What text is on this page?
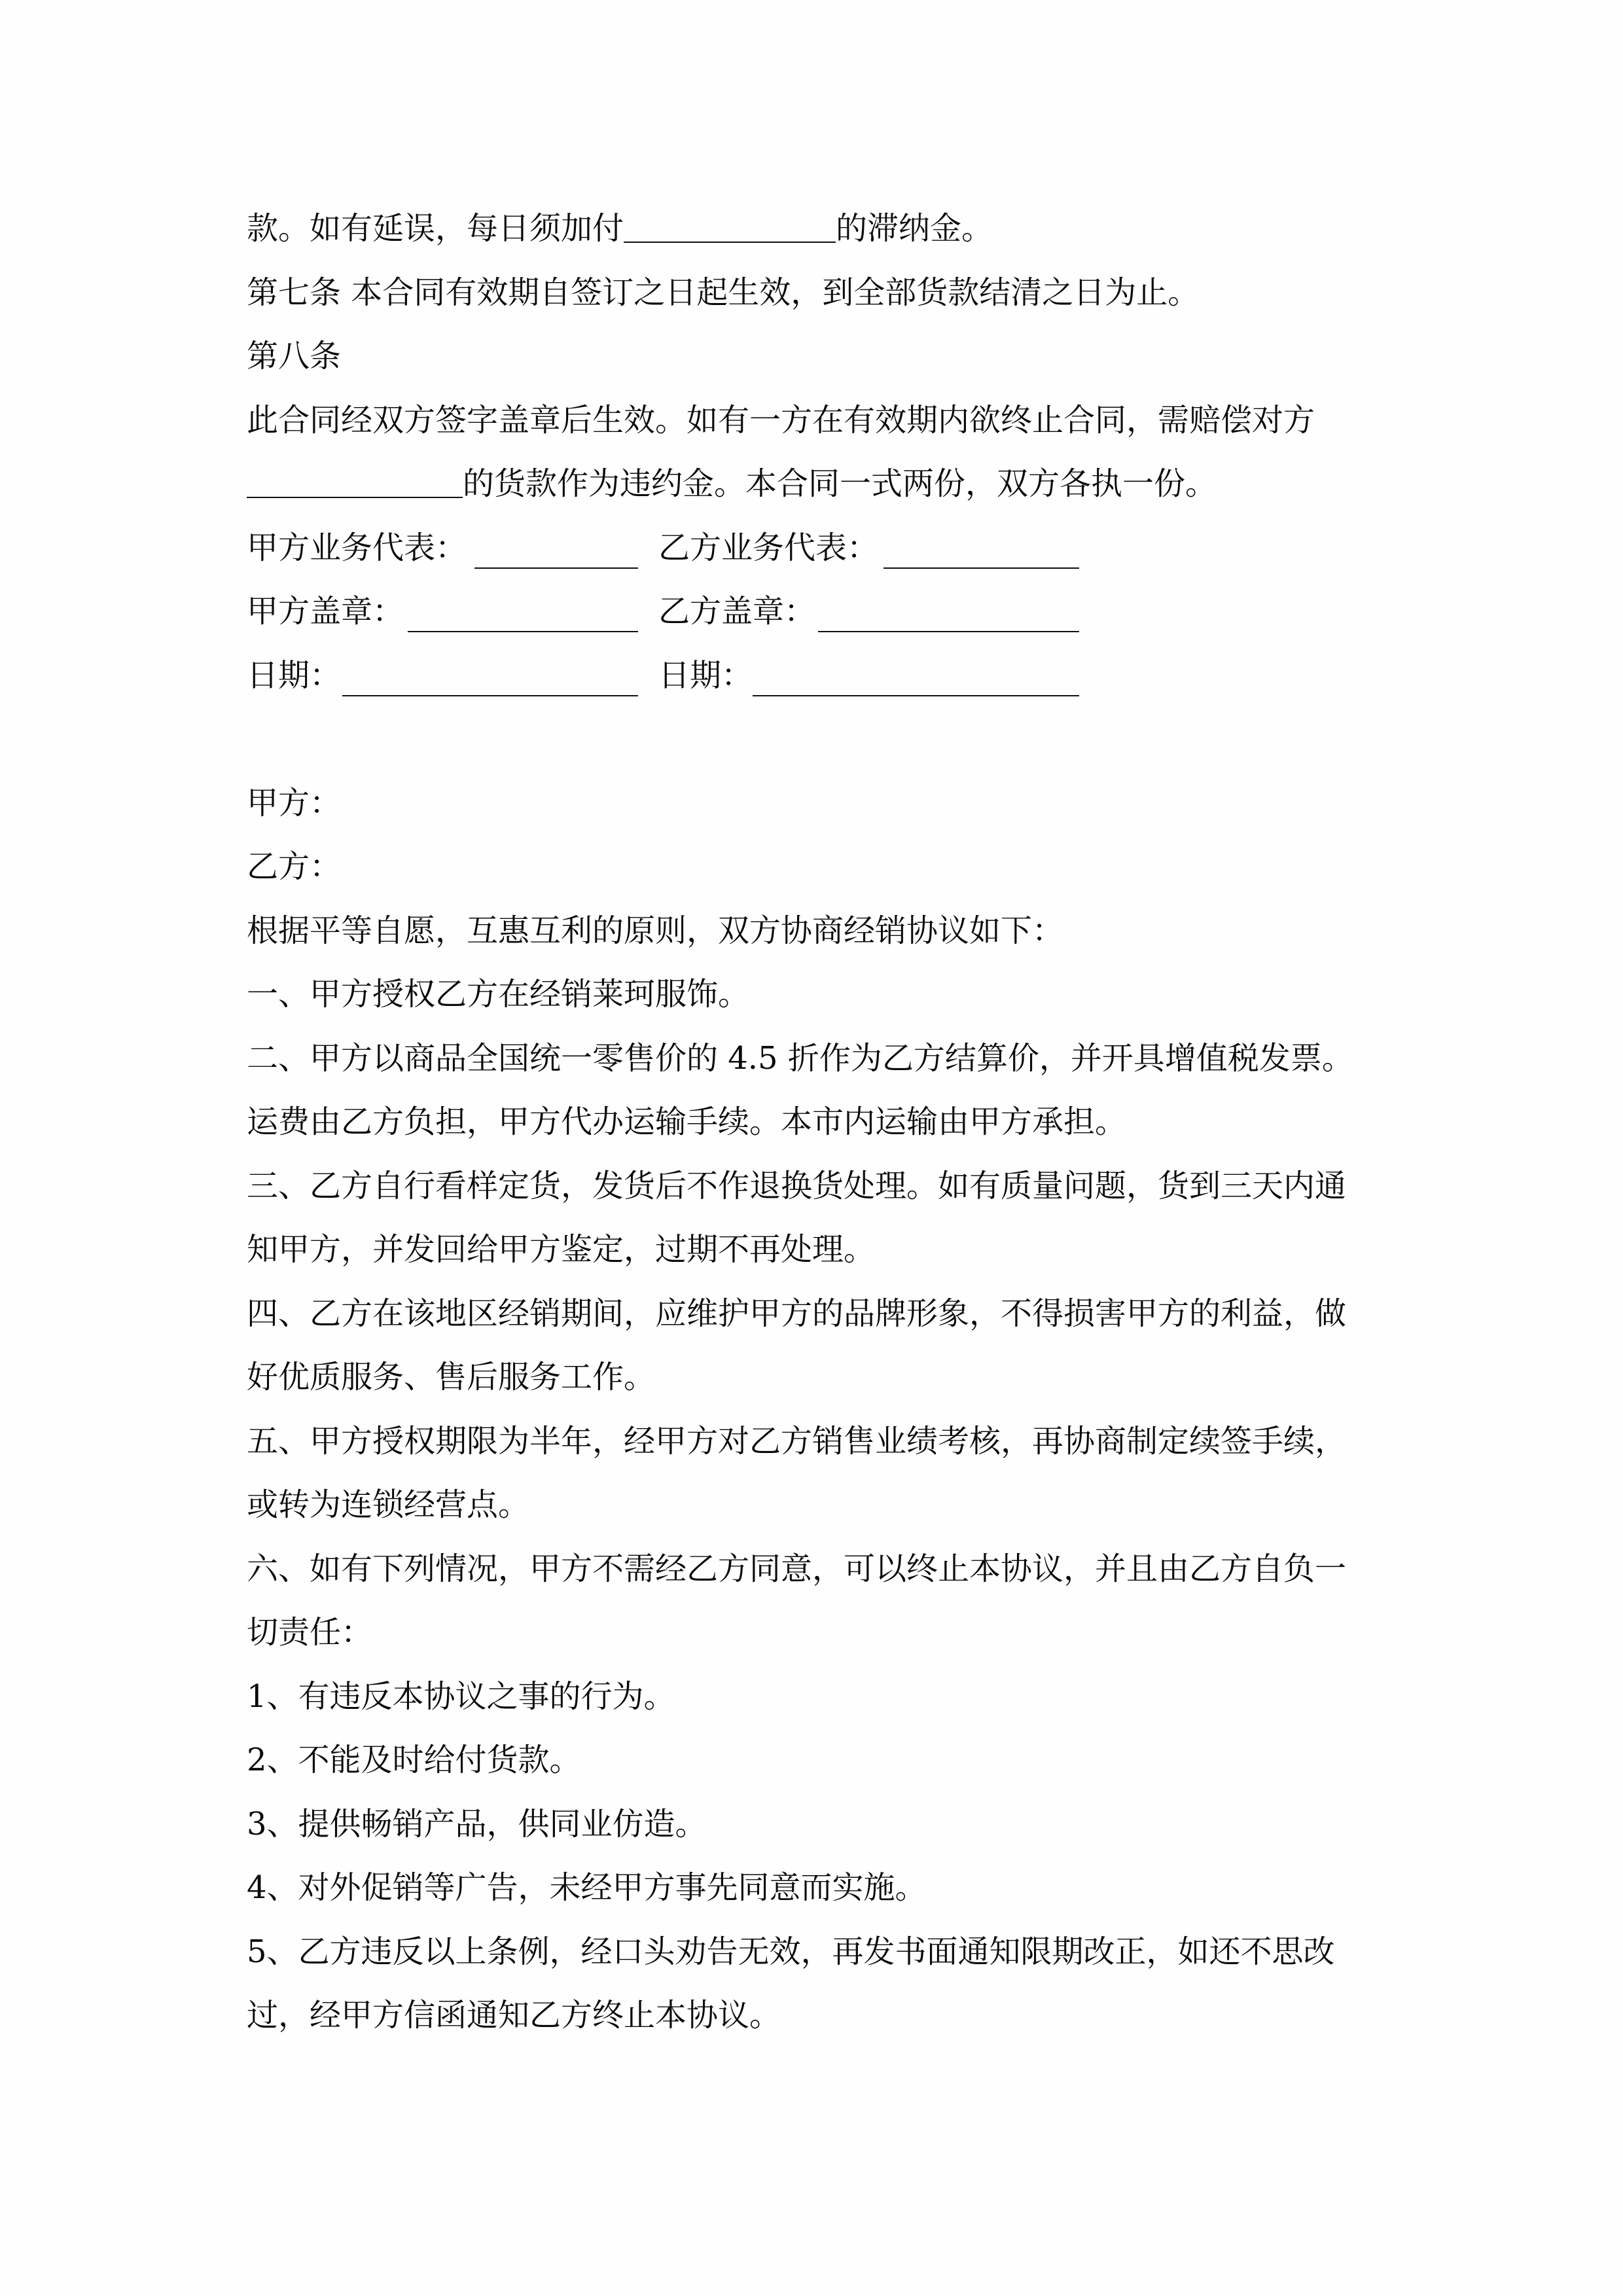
款。如有延误，每日须加付	的滞纳金。
第七条 本合同有效期自签订之日起生效，到全部货款结清之日为止。
第八条
此合同经双方签字盖章后生效。如有一方在有效期内欲终止合同，需赔偿对方
的货款作为违约金。本合同一式两份，双方各执一份。
甲方业务代表：	乙方业务代表：
甲方盖章：	乙方盖章：
日期：	日期：
甲方：
乙方：
根据平等自愿，互惠互利的原则，双方协商经销协议如下：
一、甲方授权乙方在经销莱珂服饰。
二、甲方以商品全国统一零售价的 4.5 折作为乙方结算价，并开具增值税发票。
运费由乙方负担，甲方代办运输手续。本市内运输由甲方承担。
三、乙方自行看样定货，发货后不作退换货处理。如有质量问题，货到三天内通
知甲方，并发回给甲方鉴定，过期不再处理。
四、乙方在该地区经销期间，应维护甲方的品牌形象，不得损害甲方的利益，做
好优质服务、售后服务工作。
五、甲方授权期限为半年，经甲方对乙方销售业绩考核，再协商制定续签手续，
或转为连锁经营点。
六、如有下列情况，甲方不需经乙方同意，可以终止本协议，并且由乙方自负一
切责任：
1、有违反本协议之事的行为。
2、不能及时给付货款。
3、提供畅销产品，供同业仿造。
4、对外促销等广告，未经甲方事先同意而实施。
5、乙方违反以上条例，经口头劝告无效，再发书面通知限期改正，如还不思改
过，经甲方信函通知乙方终止本协议。
